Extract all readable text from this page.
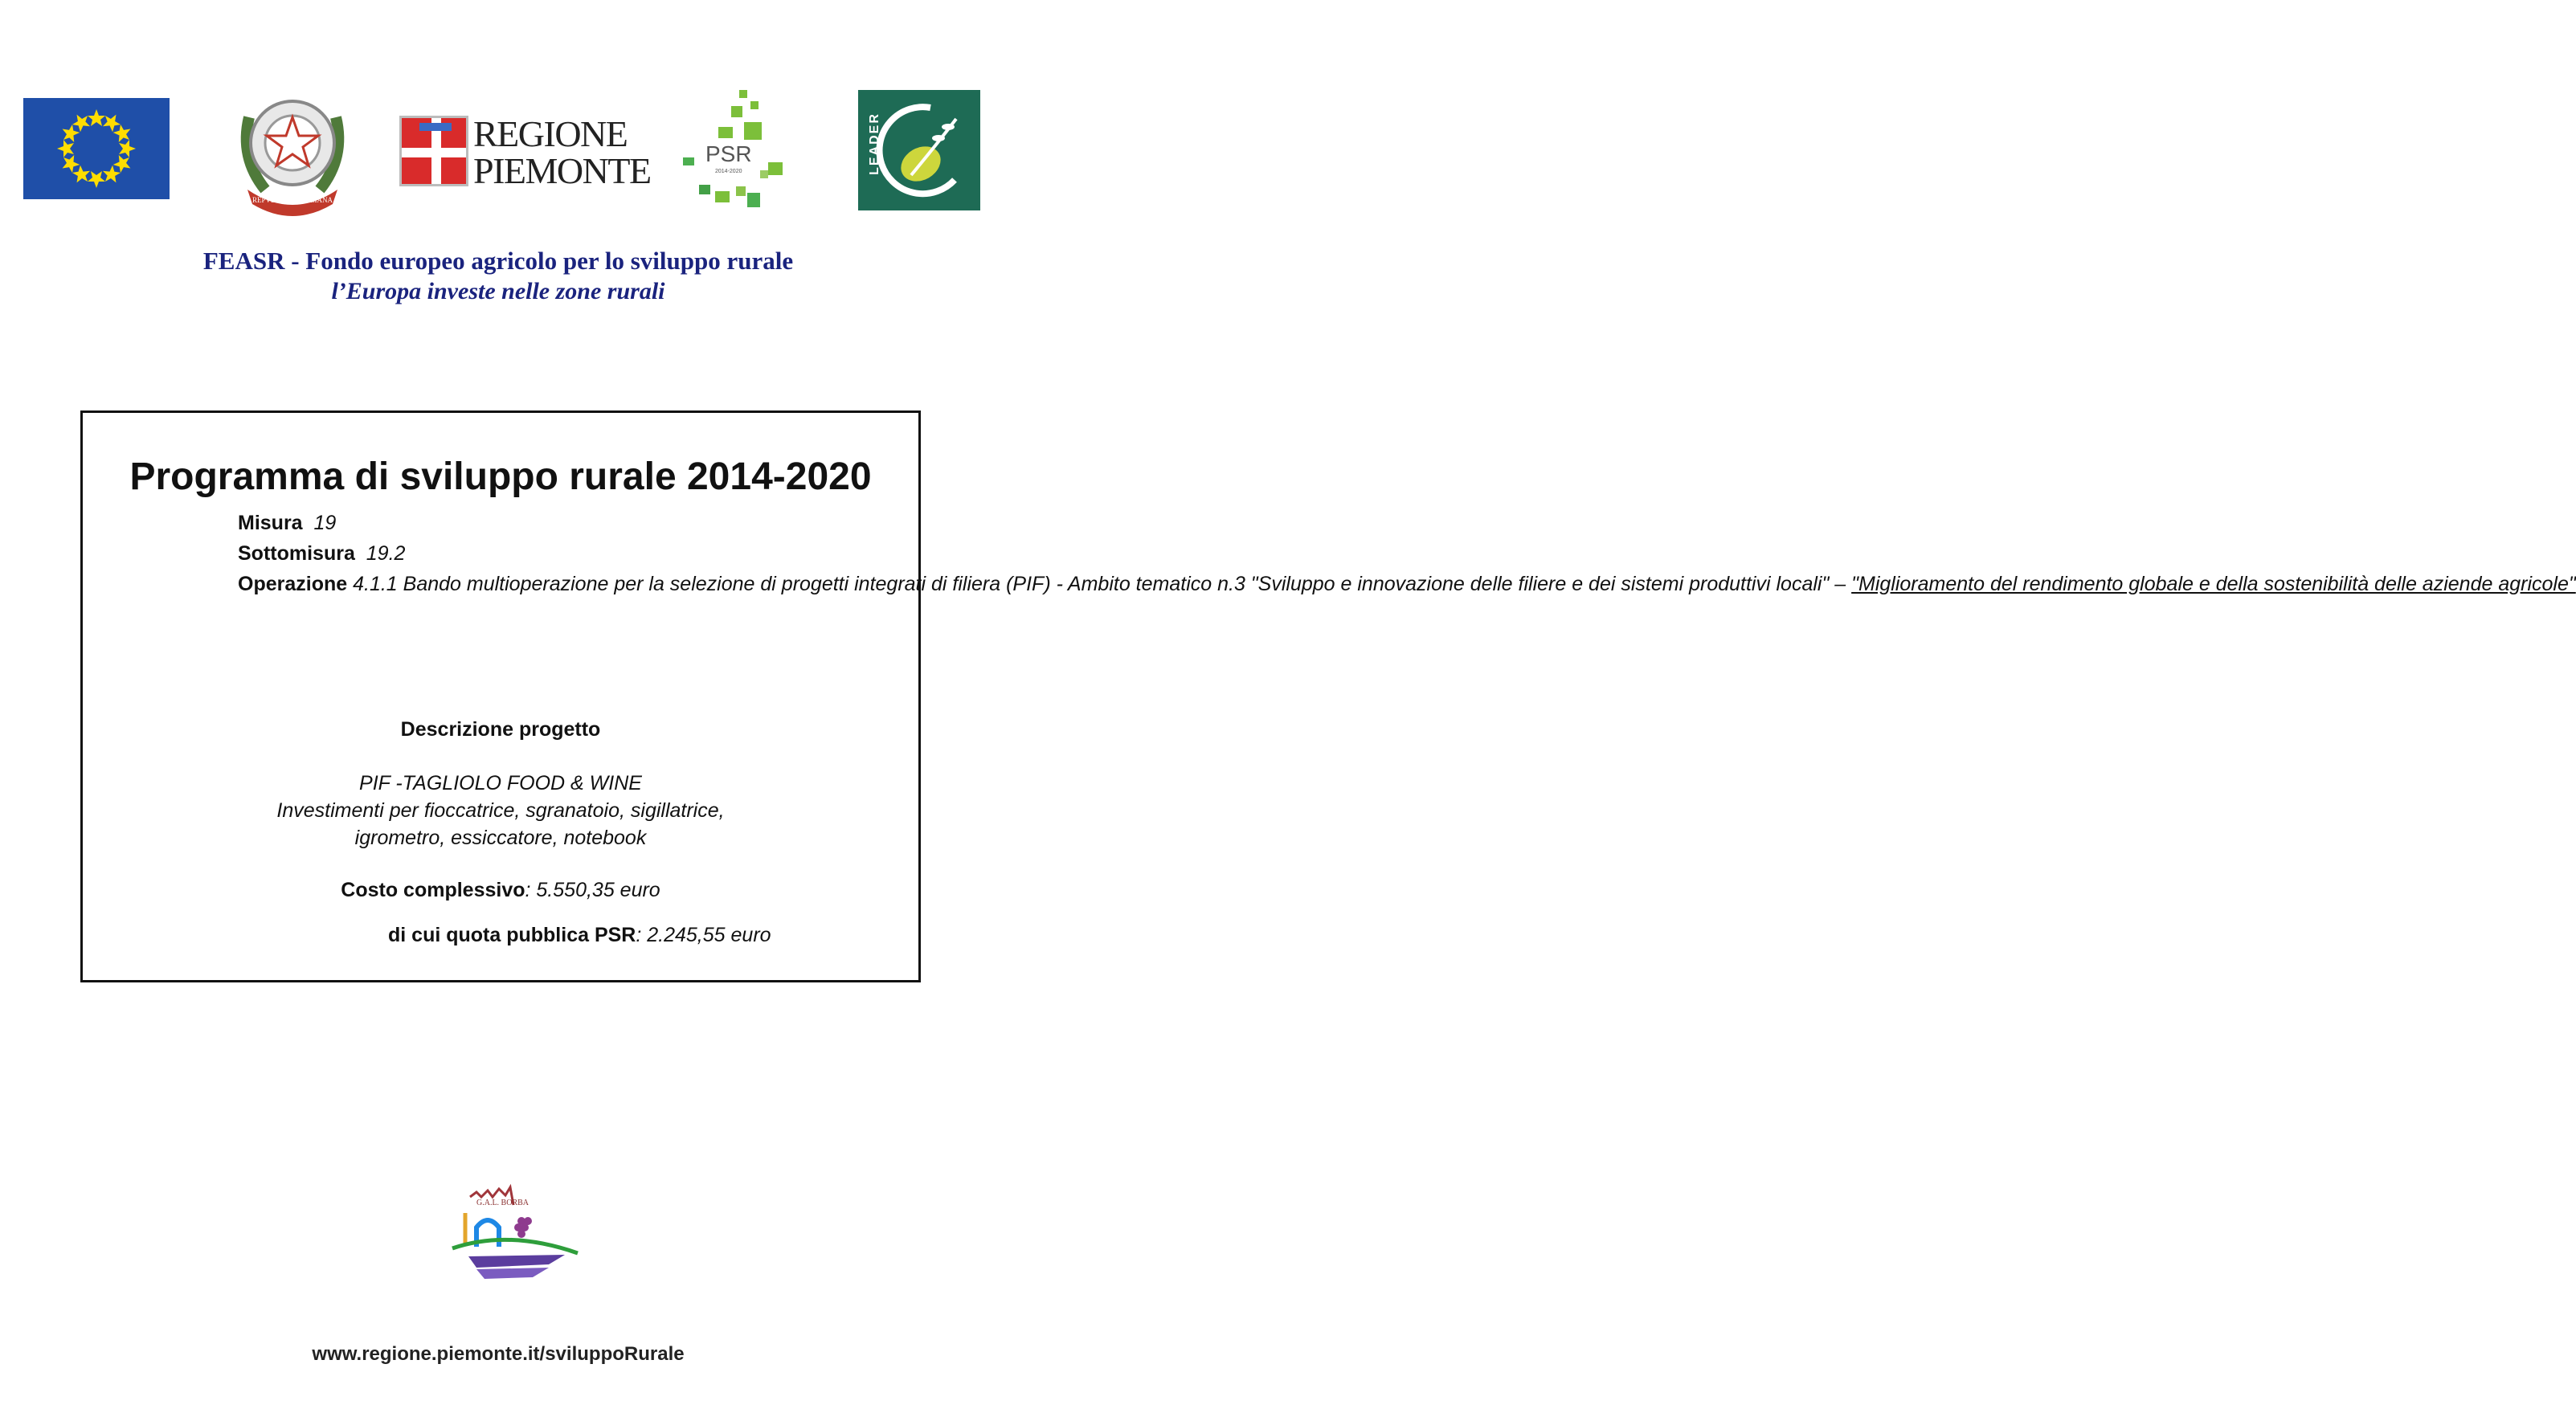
REPVBBLICA ITALIANA
REGIONE
PIEMONTE PSR
2014-2020	LEADER
FEASR - Fondo europeo agricolo per lo sviluppo rurale
l’Europa investe nelle zone rurali
Programma di sviluppo rurale 2014-2020
Misura 19
Sottomisura 19.2
Operazione 4.1.1 Bando multioperazione per la selezione di progetti integrati di filiera (PIF) - Ambito tematico n.3 "Sviluppo e innovazione delle filiere e dei sistemi produttivi locali" – "Miglioramento del rendimento globale e della sostenibilità delle aziende agricole"
Descrizione progetto
PIF -TAGLIOLO FOOD & WINE
Investimenti per fioccatrice, sgranatoio, sigillatrice,
igrometro, essiccatore, notebook
Costo complessivo: 5.550,35 euro
di cui quota pubblica PSR: 2.245,55 euro
G.A.L. BORBA
www.regione.piemonte.it/sviluppoRurale
